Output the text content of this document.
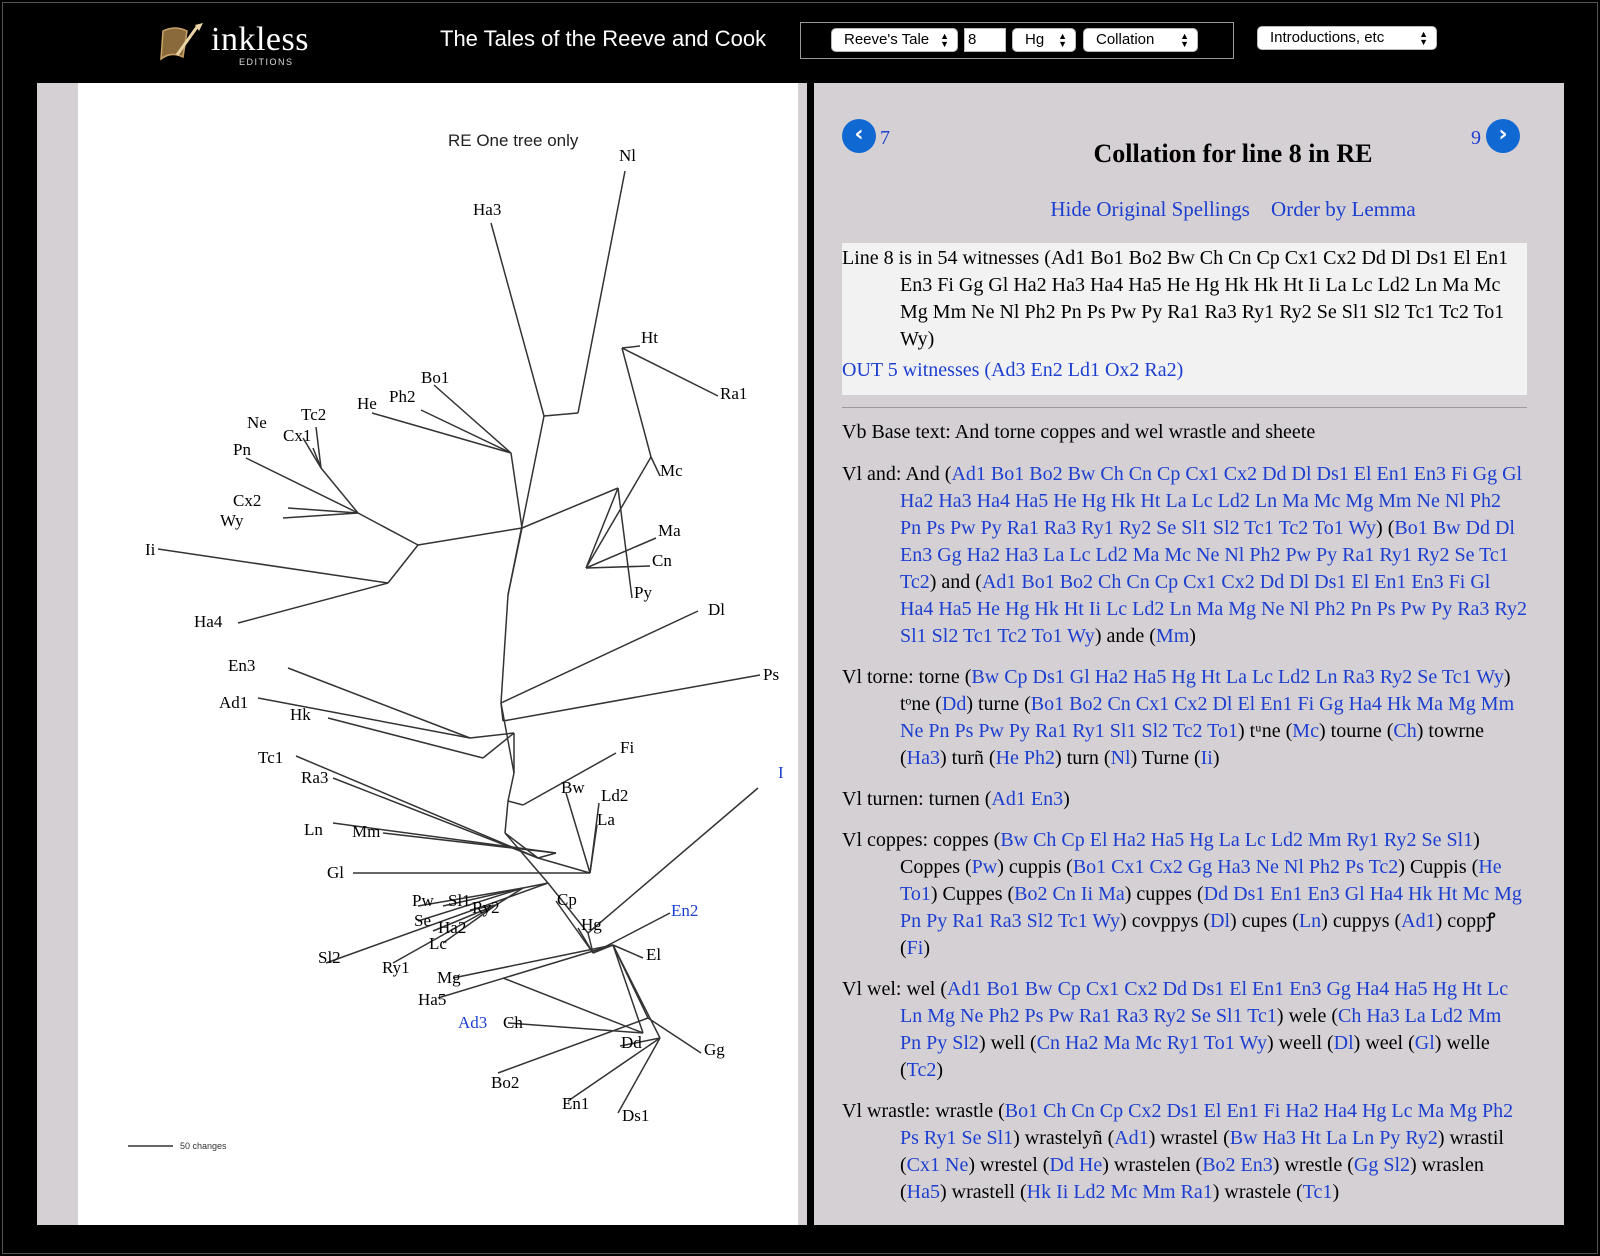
inkless
EDITIONS
The Tales of the Reeve and Cook	Reeve's Tale ▲
▼ 8	Hg ▲
▼	Collation	▲
▼	Introductions, etc	▲
▼
RE One tree only
Nl
Ha3
Ht
Ra1
Mc
Ma
Cn
Py
Dl
Ps
Fi
I
Bo1
He Ph2
Tc2
Ne
Cx1
Pn
Cx2
Wy
Ii
Ha4
En3
Ad1
Hk
Tc1
Ra3
Ln Mm
Gl
Sl2
Pw
Se
Sl1
Ha2
Ry2
Lc
Ry1
Mg
Ha5
Ad3 Ch
Bw Ld2
La
En2
Cp
Hg
El
Gg
Dd
Bo2
En1
Ds1
50 changes
‹ 7	9 ›
Collation for line 8 in RE
Hide Original Spellings Order by Lemma
Line 8 is in 54 witnesses (Ad1 Bo1 Bo2 Bw Ch Cn Cp Cx1 Cx2 Dd Dl Ds1 El En1 En3 Fi Gg Gl Ha2 Ha3 Ha4 Ha5 He Hg Hk Hk Ht Ii La Lc Ld2 Ln Ma Mc Mg Mm Ne Nl Ph2 Pn Ps Pw Py Ra1 Ra3 Ry1 Ry2 Se Sl1 Sl2 Tc1 Tc2 To1 Wy)
OUT 5 witnesses (Ad3 En2 Ld1 Ox2 Ra2)
Vb Base text: And torne coppes and wel wrastle and sheete
Vl and: And (Ad1 Bo1 Bo2 Bw Ch Cn Cp Cx1 Cx2 Dd Dl Ds1 El En1 En3 Fi Gg Gl Ha2 Ha3 Ha4 Ha5 He Hg Hk Ht La Lc Ld2 Ln Ma Mc Mg Mm Ne Nl Ph2 Pn Ps Pw Py Ra1 Ra3 Ry1 Ry2 Se Sl1 Sl2 Tc1 Tc2 To1 Wy) (Bo1 Bw Dd Dl En3 Gg Ha2 Ha3 La Lc Ld2 Ma Mc Ne Nl Ph2 Pw Py Ra1 Ry1 Ry2 Se Tc1 Tc2) and (Ad1 Bo1 Bo2 Ch Cn Cp Cx1 Cx2 Dd Dl Ds1 El En1 En3 Fi Gl Ha4 Ha5 He Hg Hk Ht Ii Lc Ld2 Ln Ma Mg Ne Nl Ph2 Pn Ps Pw Py Ra3 Ry2 Sl1 Sl2 Tc1 Tc2 To1 Wy) ande (Mm)
Vl torne: torne (Bw Cp Ds1 Gl Ha2 Ha5 Hg Ht La Lc Ld2 Ln Ra3 Ry2 Se Tc1 Wy) tᵒne (Dd) turne (Bo1 Bo2 Cn Cx1 Cx2 Dl El En1 Fi Gg Ha4 Hk Ma Mg Mm Ne Pn Ps Pw Py Ra1 Ry1 Sl1 Sl2 Tc2 To1) tᵘne (Mc) tourne (Ch) towrne (Ha3) turñ (He Ph2) turn (Nl) Turne (Ii)
Vl turnen: turnen (Ad1 En3)
Vl coppes: coppes (Bw Ch Cp El Ha2 Ha5 Hg La Lc Ld2 Mm Ry1 Ry2 Se Sl1) Coppes (Pw) cuppis (Bo1 Cx1 Cx2 Gg Ha3 Ne Nl Ph2 Ps Tc2) Cuppis (He To1) Cuppes (Bo2 Cn Ii Ma) cuppes (Dd Ds1 En1 En3 Gl Ha4 Hk Ht Mc Mg Pn Py Ra1 Ra3 Sl2 Tc1 Wy) covppys (Dl) cupes (Ln) cuppys (Ad1) coppꝭ (Fi)
Vl wel: wel (Ad1 Bo1 Bw Cp Cx1 Cx2 Dd Ds1 El En1 En3 Gg Ha4 Ha5 Hg Ht Lc Ln Mg Ne Ph2 Ps Pw Ra1 Ra3 Ry2 Se Sl1 Tc1) wele (Ch Ha3 La Ld2 Mm Pn Py Sl2) well (Cn Ha2 Ma Mc Ry1 To1 Wy) weell (Dl) weel (Gl) welle (Tc2)
Vl wrastle: wrastle (Bo1 Ch Cn Cp Cx2 Ds1 El En1 Fi Ha2 Ha4 Hg Lc Ma Mg Ph2 Ps Ry1 Se Sl1) wrastelyñ (Ad1) wrastel (Bw Ha3 Ht La Ln Py Ry2) wrastil (Cx1 Ne) wrestel (Dd He) wrastelen (Bo2 En3) wrestle (Gg Sl2) wraslen (Ha5) wrastell (Hk Ii Ld2 Mc Mm Ra1) wrastele (Tc1)
